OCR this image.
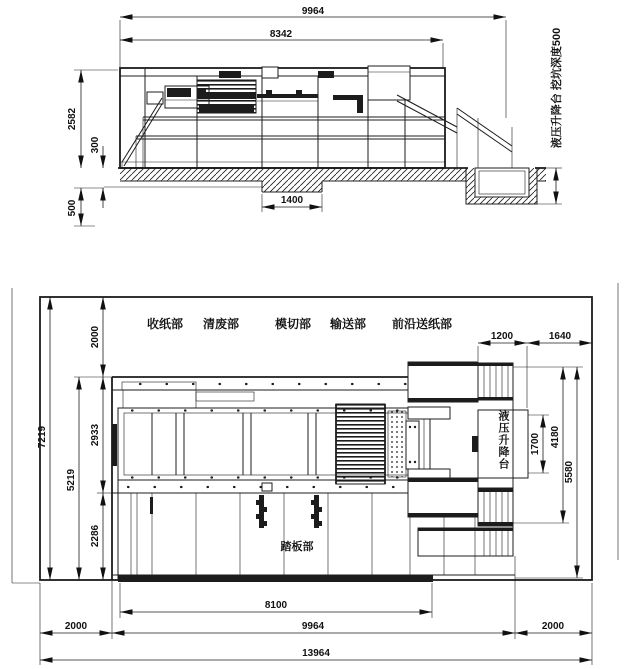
9964
8342
2582
300
500	1400
1200	1640
7219
5219
2000
2933
2286
1700 4180
5580
8100
2000	9964	2000
13964
液压升降台 挖坑深度500
收纸部 清废部	模切部 输送部 前沿送纸部
踏板部
液压升降台
